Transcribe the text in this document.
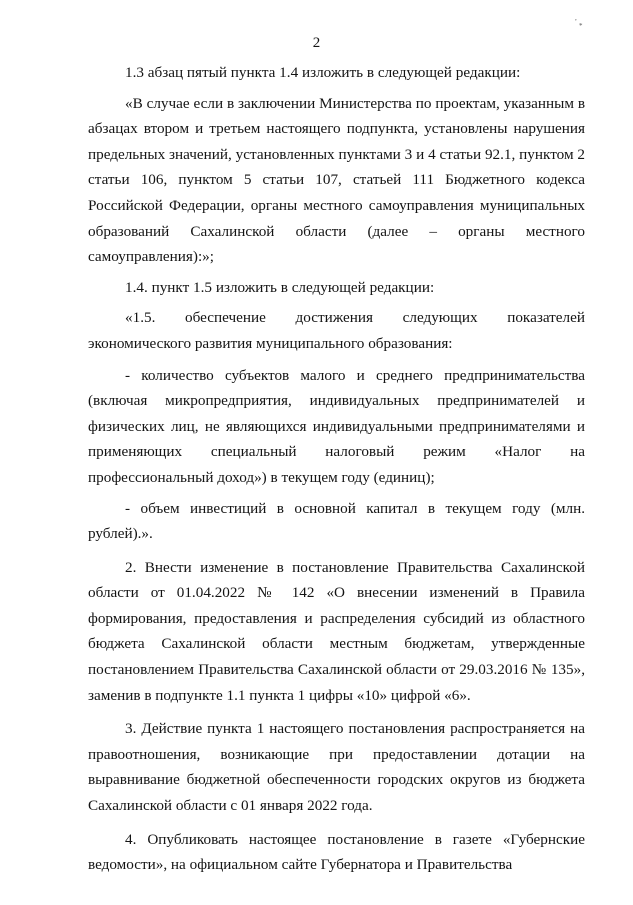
,
*
2

1.3 абзац пятый пункта 1.4 изложить в следующей редакции:

«В случае если в заключении Министерства по проектам, указанным в абзацах втором и третьем настоящего подпункта, установлены нарушения предельных значений, установленных пунктами 3 и 4 статьи 92.1, пунктом 2 статьи 106, пунктом 5 статьи 107, статьей 111 Бюджетного кодекса Российской Федерации, органы местного самоуправления муниципальных образований Сахалинской области (далее – органы местного самоуправления):»;

1.4. пункт 1.5 изложить в следующей редакции:

«1.5. обеспечение достижения следующих показателей экономического развития муниципального образования:

- количество субъектов малого и среднего предпринимательства (включая микропредприятия, индивидуальных предпринимателей и физических лиц, не являющихся индивидуальными предпринимателями и применяющих специальный налоговый режим «Налог на профессиональный доход») в текущем году (единиц);

- объем инвестиций в основной капитал в текущем году (млн. рублей).».

2. Внести изменение в постановление Правительства Сахалинской области от 01.04.2022 № 142 «О внесении изменений в Правила формирования, предоставления и распределения субсидий из областного бюджета Сахалинской области местным бюджетам, утвержденные постановлением Правительства Сахалинской области от 29.03.2016 № 135», заменив в подпункте 1.1 пункта 1 цифры «10» цифрой «6».

3. Действие пункта 1 настоящего постановления распространяется на правоотношения, возникающие при предоставлении дотации на выравнивание бюджетной обеспеченности городских округов из бюджета Сахалинской области с 01 января 2022 года.

4. Опубликовать настоящее постановление в газете «Губернские ведомости», на официальном сайте Губернатора и Правительства
